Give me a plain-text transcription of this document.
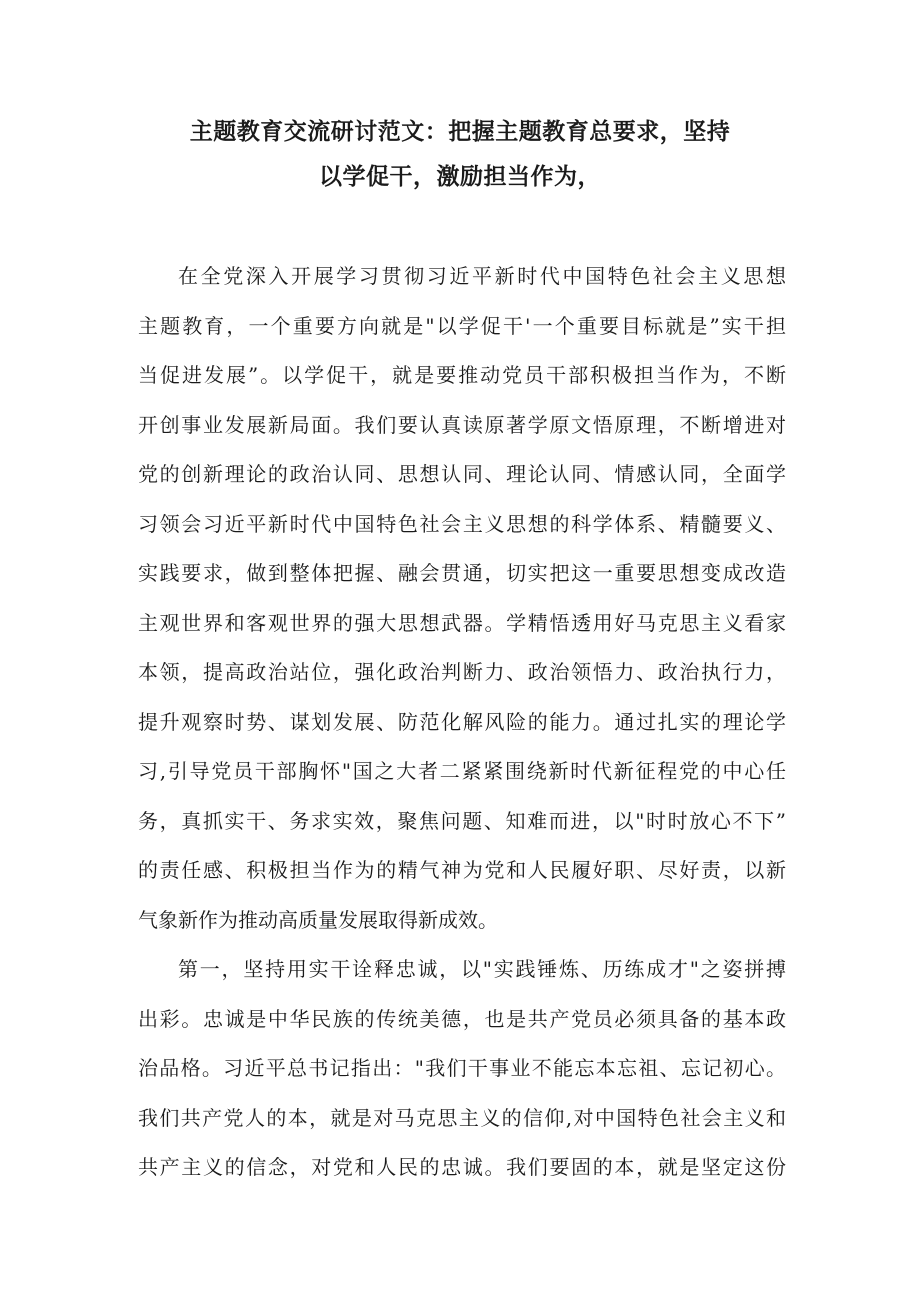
主题教育交流研讨范文：把握主题教育总要求，坚持
以学促干，激励担当作为，
在全党深入开展学习贯彻习近平新时代中国特色社会主义思想
主题教育，一个重要方向就是"以学促干'一个重要目标就是”实干担
当促进发展”。以学促干，就是要推动党员干部积极担当作为，不断
开创事业发展新局面。我们要认真读原著学原文悟原理，不断增进对
党的创新理论的政治认同、思想认同、理论认同、情感认同，全面学
习领会习近平新时代中国特色社会主义思想的科学体系、精髓要义、
实践要求，做到整体把握、融会贯通，切实把这一重要思想变成改造
主观世界和客观世界的强大思想武器。学精悟透用好马克思主义看家
本领，提高政治站位，强化政治判断力、政治领悟力、政治执行力，
提升观察时势、谋划发展、防范化解风险的能力。通过扎实的理论学
习,引导党员干部胸怀"国之大者二紧紧围绕新时代新征程党的中心任
务，真抓实干、务求实效，聚焦问题、知难而进，以"时时放心不下”
的责任感、积极担当作为的精气神为党和人民履好职、尽好责，以新
气象新作为推动高质量发展取得新成效。
第一，坚持用实干诠释忠诚，以"实践锤炼、历练成才"之姿拼搏
出彩。忠诚是中华民族的传统美德，也是共产党员必须具备的基本政
治品格。习近平总书记指出："我们干事业不能忘本忘祖、忘记初心。
我们共产党人的本，就是对马克思主义的信仰,对中国特色社会主义和
共产主义的信念，对党和人民的忠诚。我们要固的本，就是坚定这份
